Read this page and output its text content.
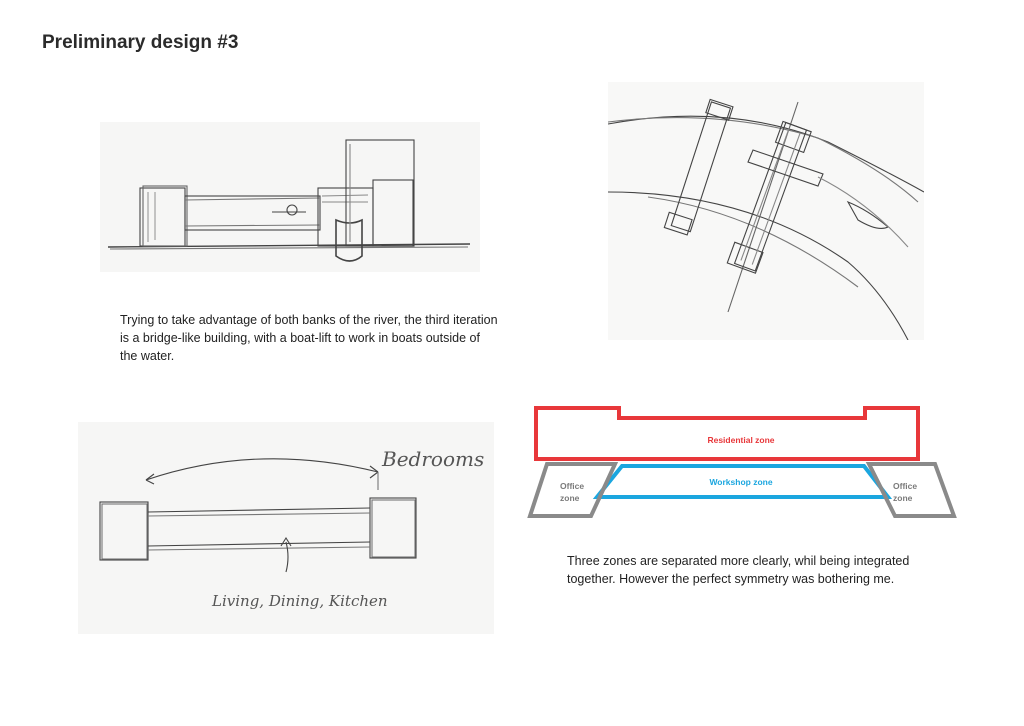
Preliminary design #3

Trying to take advantage of both banks of the river, the third iteration is a bridge-like building, with a boat-lift to work in boats outside of the water.

Bedrooms
Living, Dining, Kitchen
Residential zone
Workshop zone
Office
zone
Office
zone

Three zones are separated more clearly, whil being integrated together. However the perfect symmetry was bothering me.
